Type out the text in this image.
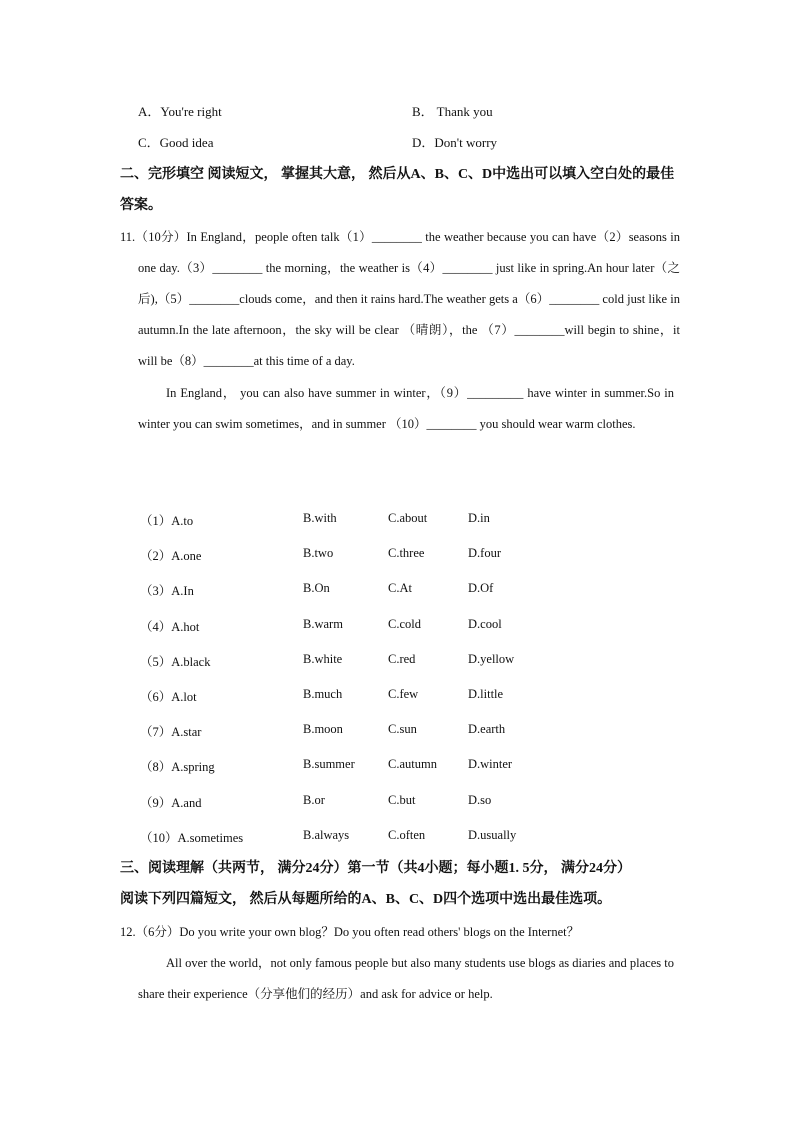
A．You're right	B． Thank you
C．Good idea	D．Don't worry
二、完形填空 阅读短文， 掌握其大意， 然后从A、B、C、D中选出可以填入空白处的最佳答案。
11.（10分）In England，people often talk（1）________ the weather because you can have（2）seasons in one day.（3）________ the morning，the weather is（4）________ just like in spring.An hour later（之后),（5）________clouds come，and then it rains hard.The weather gets a（6）________ cold just like in autumn.In the late afternoon，the sky will be clear （晴朗），the （7）________will begin to shine，it will be（8）________at this time of a day.
In England， you can also have summer in winter，（9）_________ have winter in summer.So in winter you can swim sometimes，and in summer （10）________ you should wear warm clothes.
（1）A.to	B.with	C.about	D.in
（2）A.one	B.two	C.three	D.four
（3）A.In	B.On	C.At	D.Of
（4）A.hot	B.warm	C.cold	D.cool
（5）A.black	B.white	C.red	D.yellow
（6）A.lot	B.much	C.few	D.little
（7）A.star	B.moon	C.sun	D.earth
（8）A.spring	B.summer	C.autumn D.winter
（9）A.and	B.or	C.but	D.so
（10）A.sometimes	B.always	C.often	D.usually
三、阅读理解（共两节， 满分24分）第一节（共4小题；每小题1. 5分， 满分24分）
阅读下列四篇短文， 然后从每题所给的A、B、C、D四个选项中选出最佳选项。
12.（6分）Do you write your own blog？Do you often read others' blogs on the Internet？
All over the world，not only famous people but also many students use blogs as diaries and places to share their experience（分享他们的经历）and ask for advice or help.
